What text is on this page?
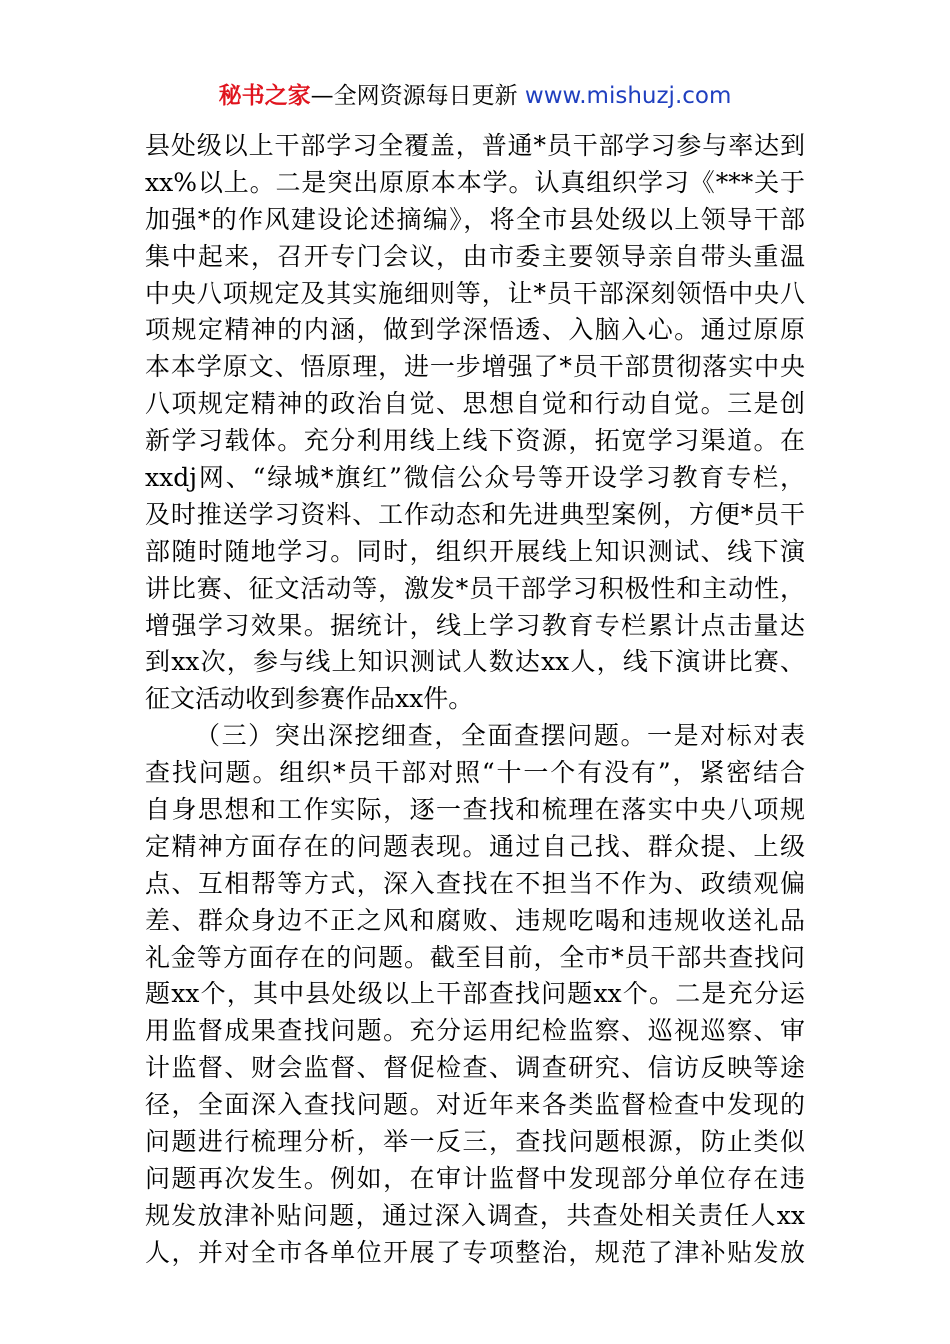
秘书之家—全网资源每日更新 www.mishuzj.com
县处级以上干部学习全覆盖，普通*员干部学习参与率达到
xx%以上。二是突出原原本本学。认真组织学习《***关于
加强*的作风建设论述摘编》，将全市县处级以上领导干部
集中起来，召开专门会议，由市委主要领导亲自带头重温
中央八项规定及其实施细则等，让*员干部深刻领悟中央八
项规定精神的内涵，做到学深悟透、入脑入心。通过原原
本本学原文、悟原理，进一步增强了*员干部贯彻落实中央
八项规定精神的政治自觉、思想自觉和行动自觉。三是创
新学习载体。充分利用线上线下资源，拓宽学习渠道。在
xxdj网、“绿城*旗红”微信公众号等开设学习教育专栏，
及时推送学习资料、工作动态和先进典型案例，方便*员干
部随时随地学习。同时，组织开展线上知识测试、线下演
讲比赛、征文活动等，激发*员干部学习积极性和主动性，
增强学习效果。据统计，线上学习教育专栏累计点击量达
到xx次，参与线上知识测试人数达xx人，线下演讲比赛、
征文活动收到参赛作品xx件。
（三）突出深挖细查，全面查摆问题。一是对标对表
查找问题。组织*员干部对照“十一个有没有”，紧密结合
自身思想和工作实际，逐一查找和梳理在落实中央八项规
定精神方面存在的问题表现。通过自己找、群众提、上级
点、互相帮等方式，深入查找在不担当不作为、政绩观偏
差、群众身边不正之风和腐败、违规吃喝和违规收送礼品
礼金等方面存在的问题。截至目前，全市*员干部共查找问
题xx个，其中县处级以上干部查找问题xx个。二是充分运
用监督成果查找问题。充分运用纪检监察、巡视巡察、审
计监督、财会监督、督促检查、调查研究、信访反映等途
径，全面深入查找问题。对近年来各类监督检查中发现的
问题进行梳理分析，举一反三，查找问题根源，防止类似
问题再次发生。例如，在审计监督中发现部分单位存在违
规发放津补贴问题，通过深入调查，共查处相关责任人xx
人，并对全市各单位开展了专项整治，规范了津补贴发放
